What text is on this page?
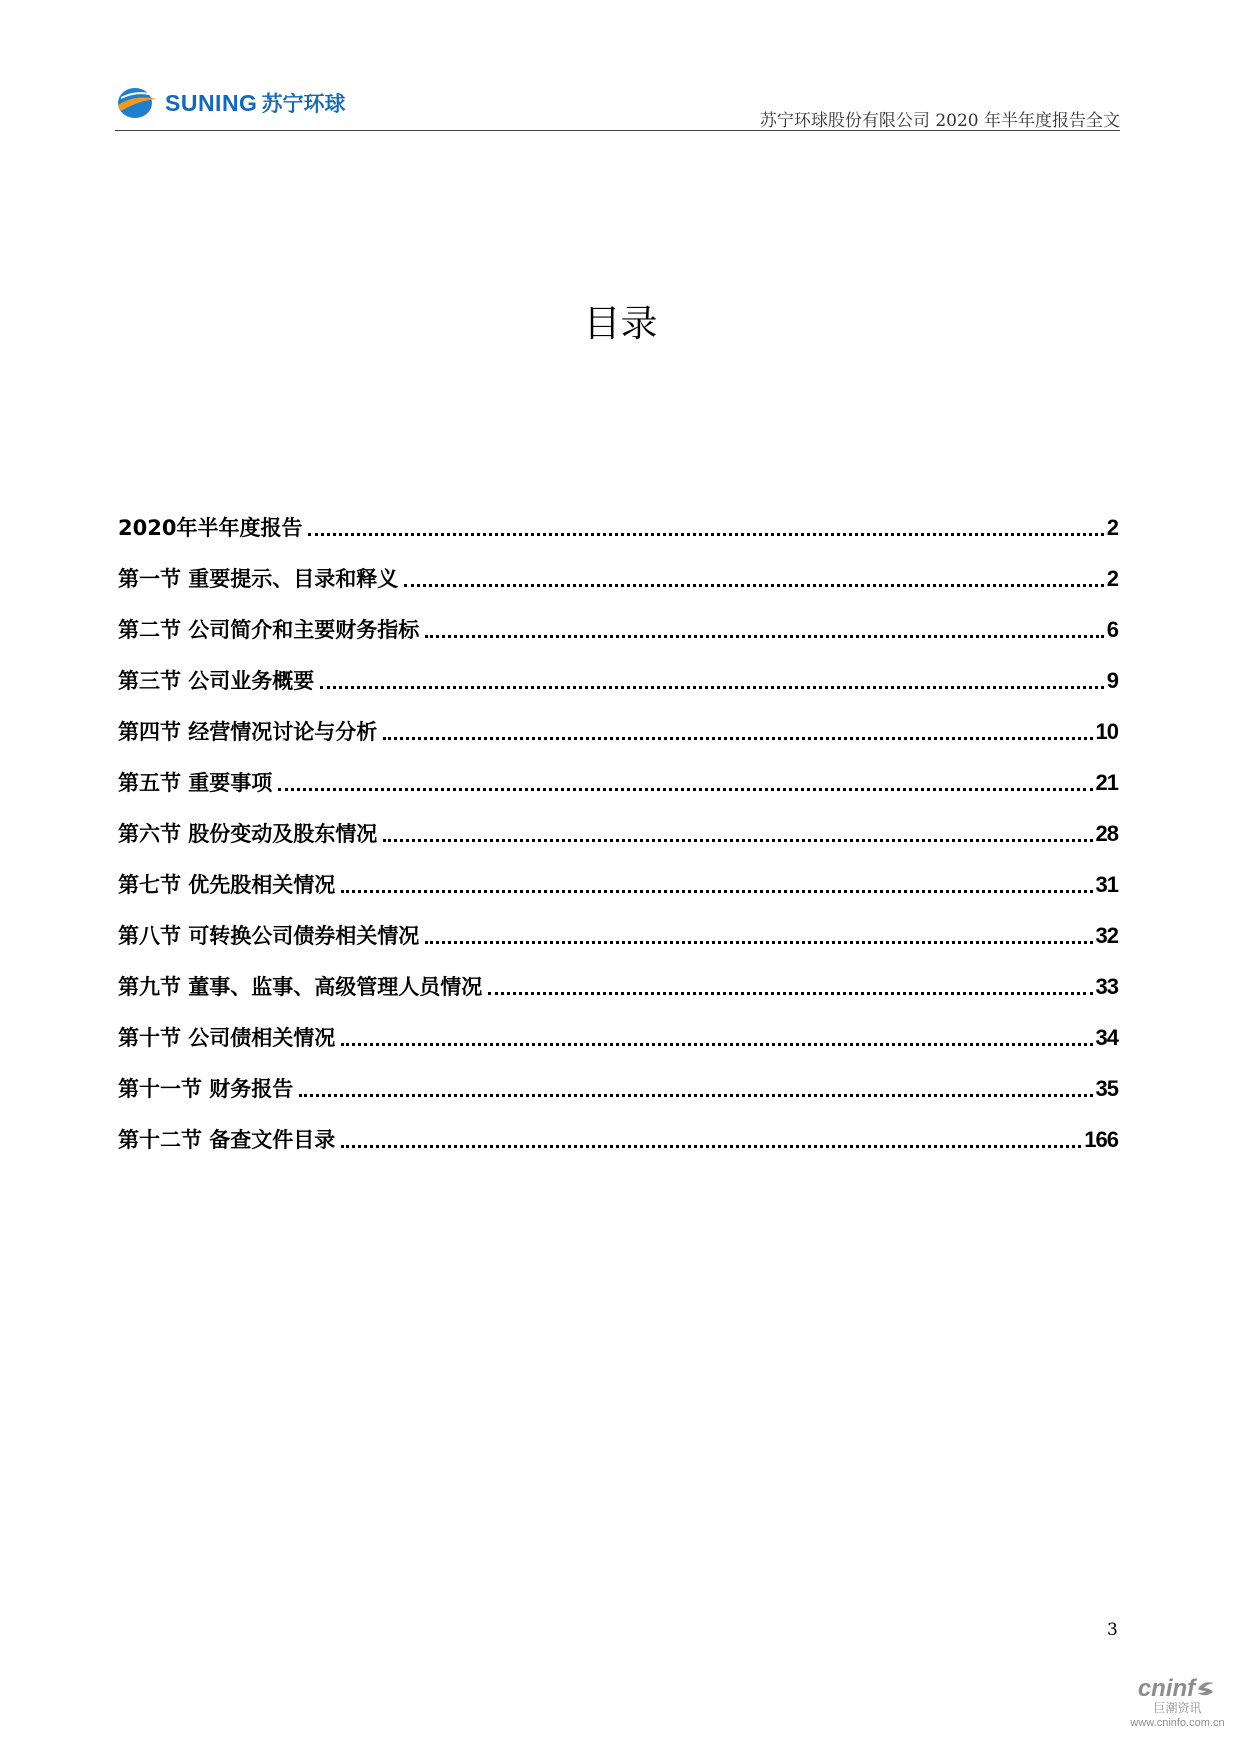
SUNING 苏宁环球
苏宁环球股份有限公司 2020 年半年度报告全文
目录
2020年半年度报告	2
第一节 重要提示、目录和释义	2
第二节 公司简介和主要财务指标	6
第三节 公司业务概要	9
第四节 经营情况讨论与分析	10
第五节 重要事项	21
第六节 股份变动及股东情况	28
第七节 优先股相关情况	31
第八节 可转换公司债券相关情况	32
第九节 董事、监事、高级管理人员情况	33
第十节 公司债相关情况	34
第十一节 财务报告	35
第十二节 备查文件目录	166
3
cninf
巨潮资讯
www.cninfo.com.cn
